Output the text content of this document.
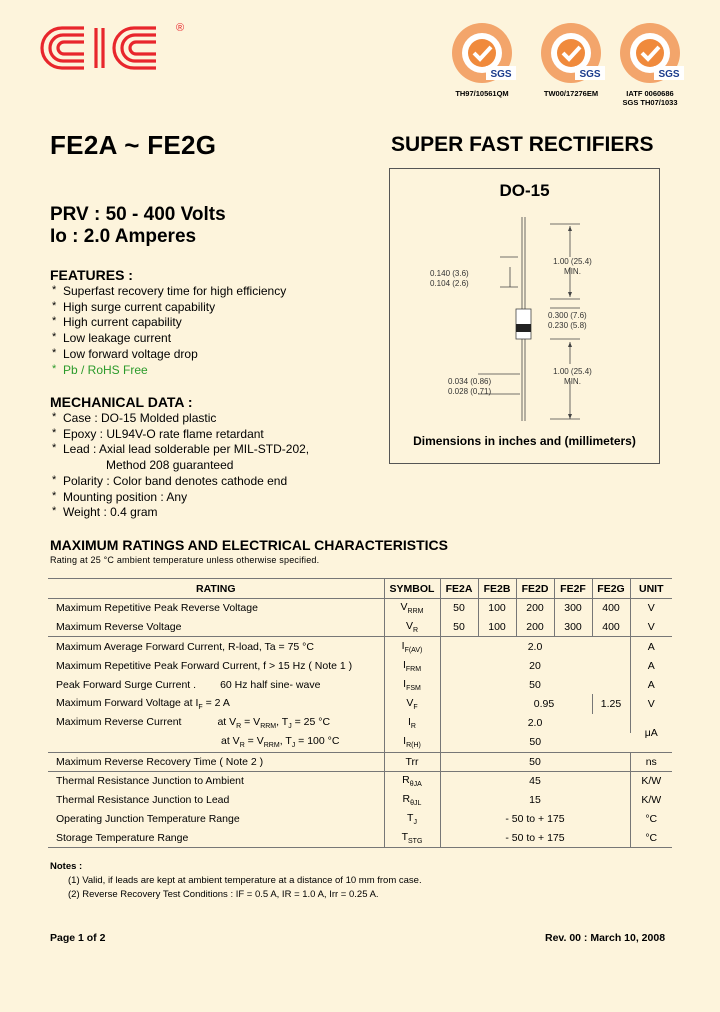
®
SGS
TH97/10561QM
SGS
TW00/17276EM
SGS
IATF 0060686
SGS TH07/1033
FE2A ~ FE2G	SUPER FAST RECTIFIERS
PRV : 50 - 400 Volts
Io : 2.0 Amperes
FEATURES :
* Superfast recovery time for high efficiency
* High surge current capability
* High current capability
* Low leakage current
* Low forward voltage drop
* Pb / RoHS Free
MECHANICAL DATA :
* Case : DO-15 Molded plastic
* Epoxy : UL94V-O rate flame retardant
* Lead : Axial lead solderable per MIL-STD-202,
Method 208 guaranteed
* Polarity : Color band denotes cathode end
* Mounting position : Any
* Weight : 0.4 gram
DO-15
0.140 (3.6)
0.104 (2.6)
1.00 (25.4)
MIN.
0.300 (7.6)
0.230 (5.8)
1.00 (25.4)
MIN.
0.034 (0.86)
0.028 (0.71)
Dimensions in inches and (millimeters)
MAXIMUM RATINGS AND ELECTRICAL CHARACTERISTICS
Rating at 25 °C ambient temperature unless otherwise specified.
RATING	SYMBOL	FE2A	FE2B	FE2D	FE2F	FE2G	UNIT
Maximum Repetitive Peak Reverse Voltage	$V_{RRM}$	50	100	200	300	400	V
Maximum Reverse Voltage	$V_R$	50	100	200	300	400	V
Maximum Average Forward Current, R-load, Ta = 75 °C	$I_{F(AV)}$	2.0					A
Maximum Repetitive Peak Forward Current, f > 15 Hz ( Note 1 )	$I_{FRM}$	20					A
Peak Forward Surge Current . 60 Hz half sine- wave	$I_{FSM}$	50					A
Maximum Forward Voltage at $I_F = 2$ A	$V_F$	0.95				1.25	V
Maximum Reverse Current at $V_R = V_{RRM}$, $T_J = 25$ °C	$I_R$	2.0					μA
at $V_R = V_{RRM}$, $T_J = 100$ °C	$I_{R(H)}$	50					
Maximum Reverse Recovery Time ( Note 2 )	Trr	50					ns
Thermal Resistance Junction to Ambient	$R_{\theta JA}$	45					K/W
Thermal Resistance Junction to Lead	$R_{\theta JL}$	15					K/W
Operating Junction Temperature Range	$T_J$	- 50 to + 175					°C
Storage Temperature Range	$T_{STG}$	- 50 to + 175					°C
Notes :
(1) Valid, if leads are kept at ambient temperature at a distance of 10 mm from case.
(2) Reverse Recovery Test Conditions : IF = 0.5 A, IR = 1.0 A, Irr = 0.25 A.
Page 1 of 2	Rev. 00 : March 10, 2008
